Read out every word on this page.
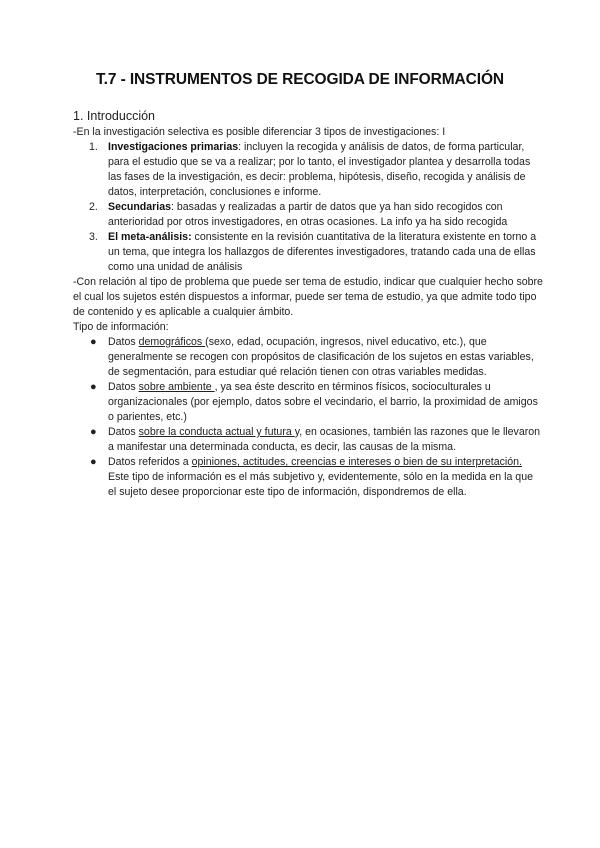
T.7 - INSTRUMENTOS DE RECOGIDA DE INFORMACIÓN
1. Introducción

-En la investigación selectiva es posible diferenciar 3 tipos de investigaciones: I

1. Investigaciones primarias: incluyen la recogida y análisis de datos, de forma particular, para el estudio que se va a realizar; por lo tanto, el investigador plantea y desarrolla todas las fases de la investigación, es decir: problema, hipótesis, diseño, recogida y análisis de datos, interpretación, conclusiones e informe.
2. Secundarias: basadas y realizadas a partir de datos que ya han sido recogidos con anterioridad por otros investigadores, en otras ocasiones. La info ya ha sido recogida
3. El meta-análisis: consistente en la revisión cuantitativa de la literatura existente en torno a un tema, que integra los hallazgos de diferentes investigadores, tratando cada una de ellas como una unidad de análisis

-Con relación al tipo de problema que puede ser tema de estudio, indicar que cualquier hecho sobre el cual los sujetos estén dispuestos a informar, puede ser tema de estudio, ya que admite todo tipo de contenido y es aplicable a cualquier ámbito.

Tipo de información:

● Datos demográficos (sexo, edad, ocupación, ingresos, nivel educativo, etc.), que generalmente se recogen con propósitos de clasificación de los sujetos en estas variables, de segmentación, para estudiar qué relación tienen con otras variables medidas.
● Datos sobre ambiente , ya sea éste descrito en términos físicos, socioculturales u organizacionales (por ejemplo, datos sobre el vecindario, el barrio, la proximidad de amigos o parientes, etc.)
● Datos sobre la conducta actual y futura y, en ocasiones, también las razones que le llevaron a manifestar una determinada conducta, es decir, las causas de la misma.
● Datos referidos a opiniones, actitudes, creencias e intereses o bien de su interpretación. Este tipo de información es el más subjetivo y, evidentemente, sólo en la medida en la que el sujeto desee proporcionar este tipo de información, dispondremos de ella.
